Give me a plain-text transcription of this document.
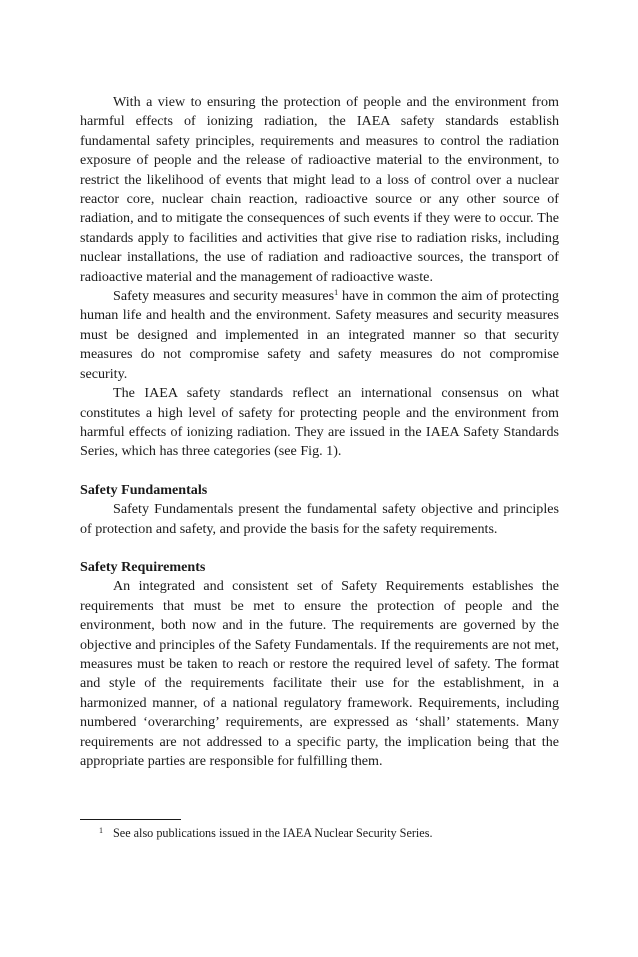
With a view to ensuring the protection of people and the environment from harmful effects of ionizing radiation, the IAEA safety standards establish fundamental safety principles, requirements and measures to control the radiation exposure of people and the release of radioactive material to the environment, to restrict the likelihood of events that might lead to a loss of control over a nuclear reactor core, nuclear chain reaction, radioactive source or any other source of radiation, and to mitigate the consequences of such events if they were to occur. The standards apply to facilities and activities that give rise to radiation risks, including nuclear installations, the use of radiation and radioactive sources, the transport of radioactive material and the management of radioactive waste.

Safety measures and security measures$^1$ have in common the aim of protecting human life and health and the environment. Safety measures and security measures must be designed and implemented in an integrated manner so that security measures do not compromise safety and safety measures do not compromise security.

The IAEA safety standards reflect an international consensus on what constitutes a high level of safety for protecting people and the environment from harmful effects of ionizing radiation. They are issued in the IAEA Safety Standards Series, which has three categories (see Fig. 1).

Safety Fundamentals

Safety Fundamentals present the fundamental safety objective and principles of protection and safety, and provide the basis for the safety requirements.

Safety Requirements

An integrated and consistent set of Safety Requirements establishes the requirements that must be met to ensure the protection of people and the environment, both now and in the future. The requirements are governed by the objective and principles of the Safety Fundamentals. If the requirements are not met, measures must be taken to reach or restore the required level of safety. The format and style of the requirements facilitate their use for the establishment, in a harmonized manner, of a national regulatory framework. Requirements, including numbered ‘overarching’ requirements, are expressed as ‘shall’ statements. Many requirements are not addressed to a specific party, the implication being that the appropriate parties are responsible for fulfilling them.

1 See also publications issued in the IAEA Nuclear Security Series.
